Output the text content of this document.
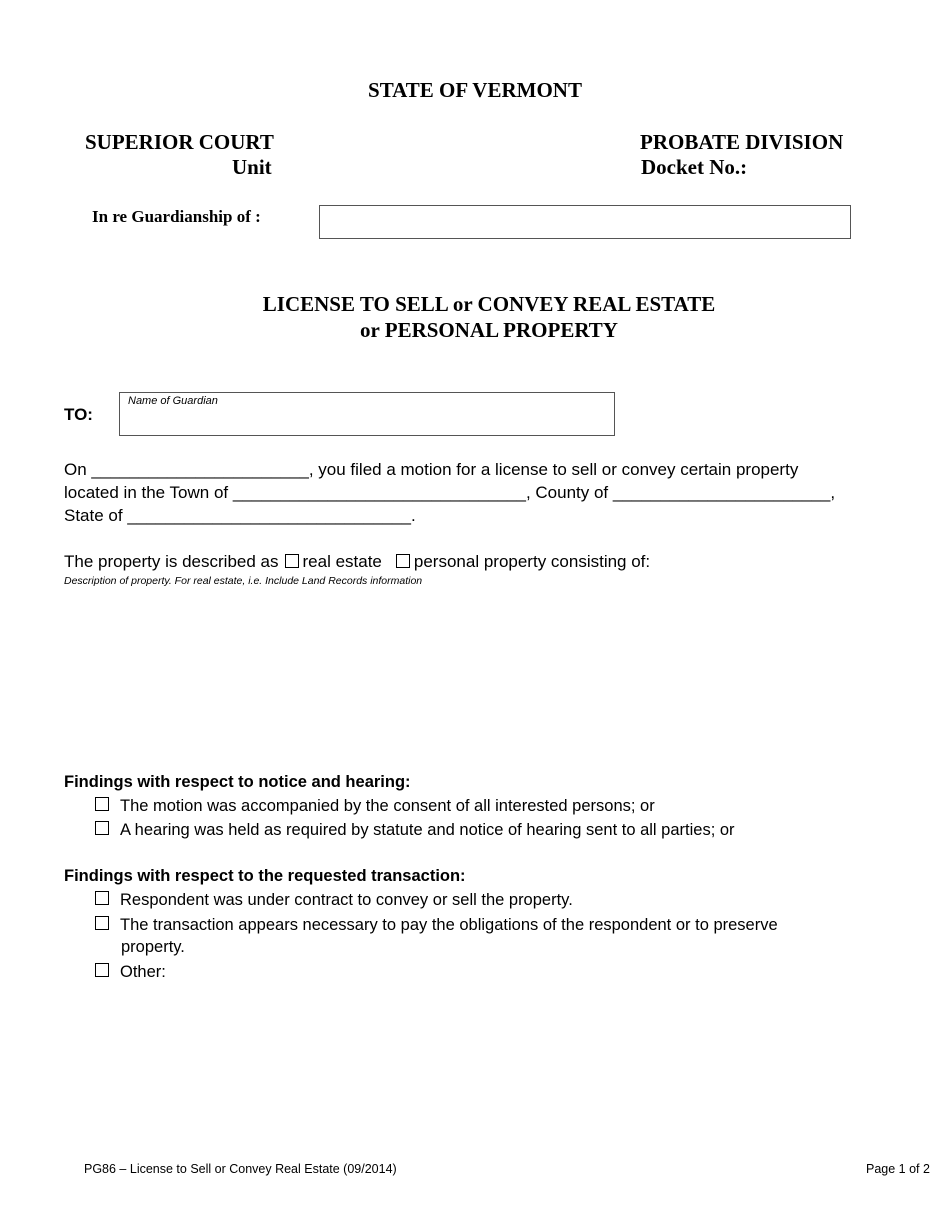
STATE OF VERMONT
SUPERIOR COURT
Unit
PROBATE DIVISION
Docket No.:
In re Guardianship of :
LICENSE TO SELL or CONVEY REAL ESTATE
or PERSONAL PROPERTY
TO:
Name of Guardian
On _______________________, you filed a motion for a license to sell or convey certain property
located in the Town of _______________________________, County of _______________________,
State of ______________________________.
The property is described as real estate personal property consisting of:
Description of property. For real estate, i.e. Include Land Records information
Findings with respect to notice and hearing:
The motion was accompanied by the consent of all interested persons; or
A hearing was held as required by statute and notice of hearing sent to all parties; or
Findings with respect to the requested transaction:
Respondent was under contract to convey or sell the property.
The transaction appears necessary to pay the obligations of the respondent or to preserve
property.
Other:
PG86 – License to Sell or Convey Real Estate (09/2014)	Page 1 of 2
